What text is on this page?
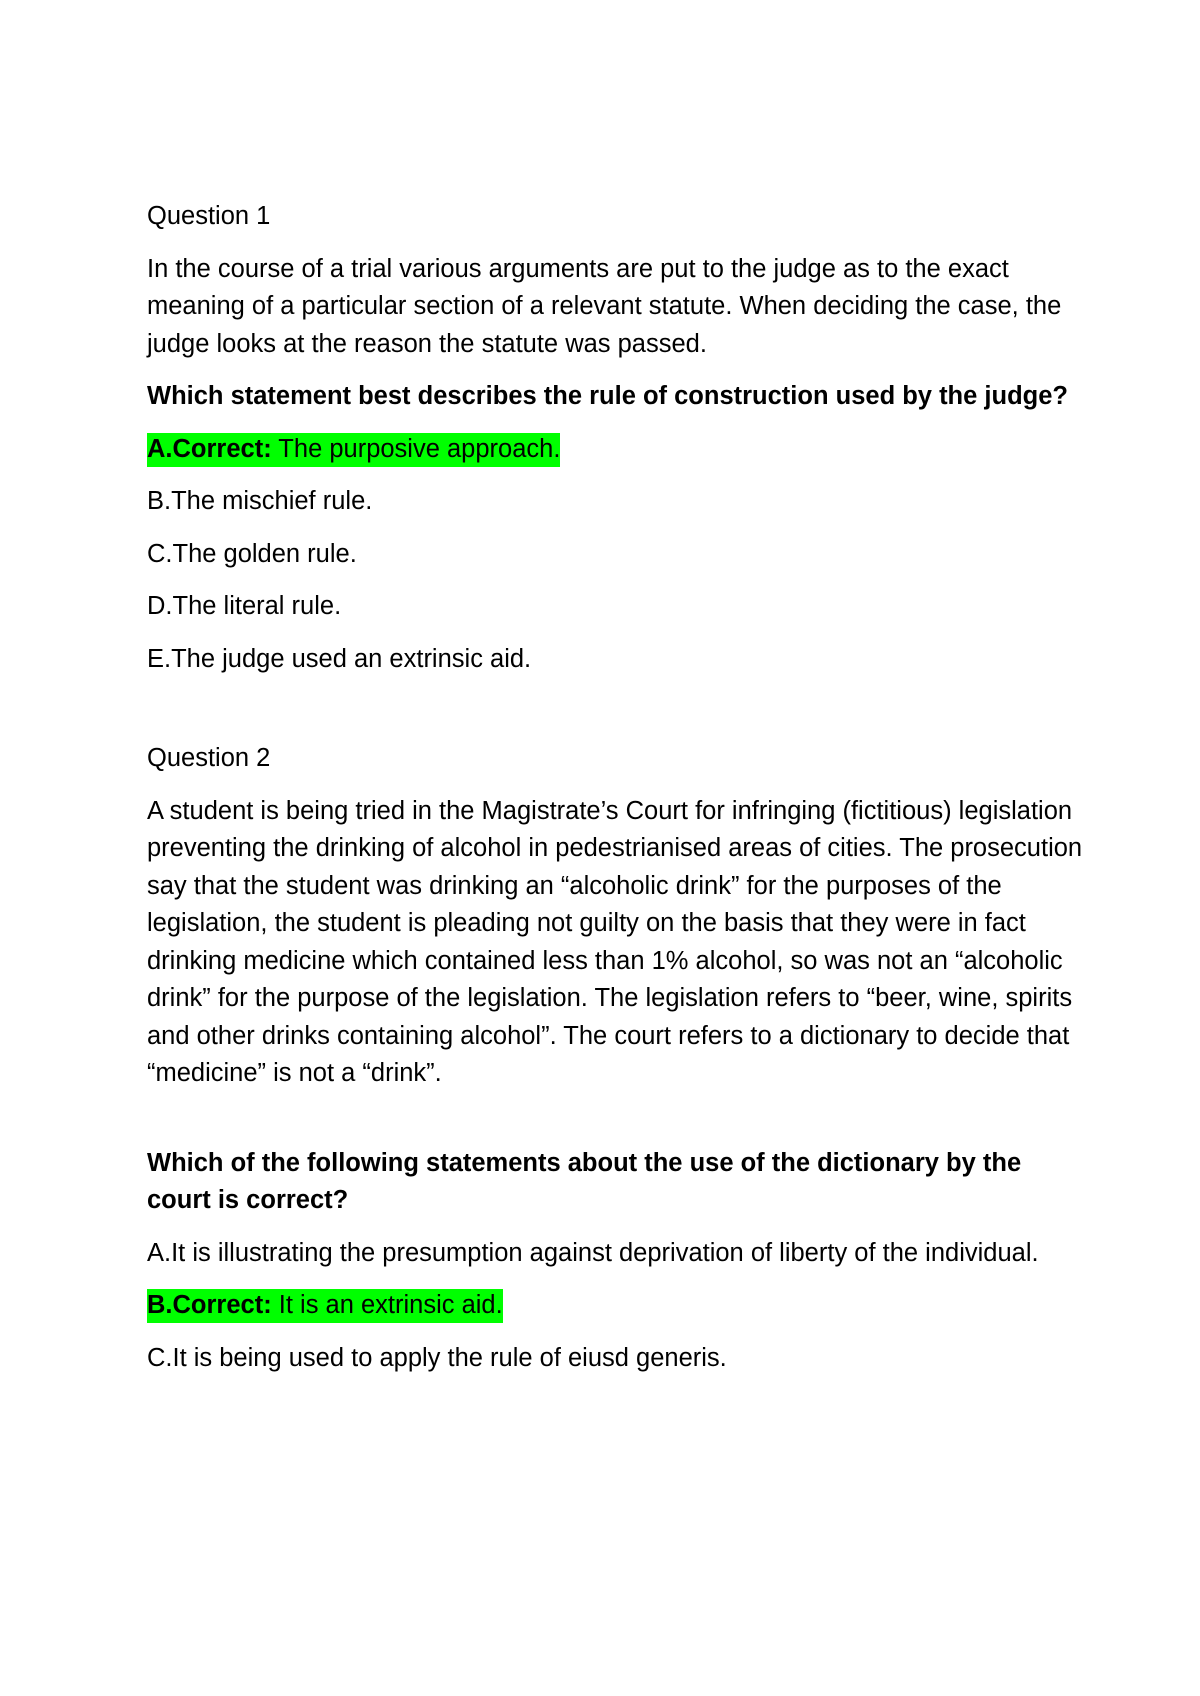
Question 1

In the course of a trial various arguments are put to the judge as to the exact meaning of a particular section of a relevant statute. When deciding the case, the judge looks at the reason the statute was passed.

Which statement best describes the rule of construction used by the judge?

A.Correct: The purposive approach.

B.The mischief rule.

C.The golden rule.

D.The literal rule.

E.The judge used an extrinsic aid.

Question 2

A student is being tried in the Magistrate’s Court for infringing (fictitious) legislation preventing the drinking of alcohol in pedestrianised areas of cities. The prosecution say that the student was drinking an “alcoholic drink” for the purposes of the legislation, the student is pleading not guilty on the basis that they were in fact drinking medicine which contained less than 1% alcohol, so was not an “alcoholic drink” for the purpose of the legislation. The legislation refers to “beer, wine, spirits and other drinks containing alcohol”. The court refers to a dictionary to decide that “medicine” is not a “drink”.

Which of the following statements about the use of the dictionary by the court is correct?

A.It is illustrating the presumption against deprivation of liberty of the individual.

B.Correct: It is an extrinsic aid.

C.It is being used to apply the rule of eiusd generis.
